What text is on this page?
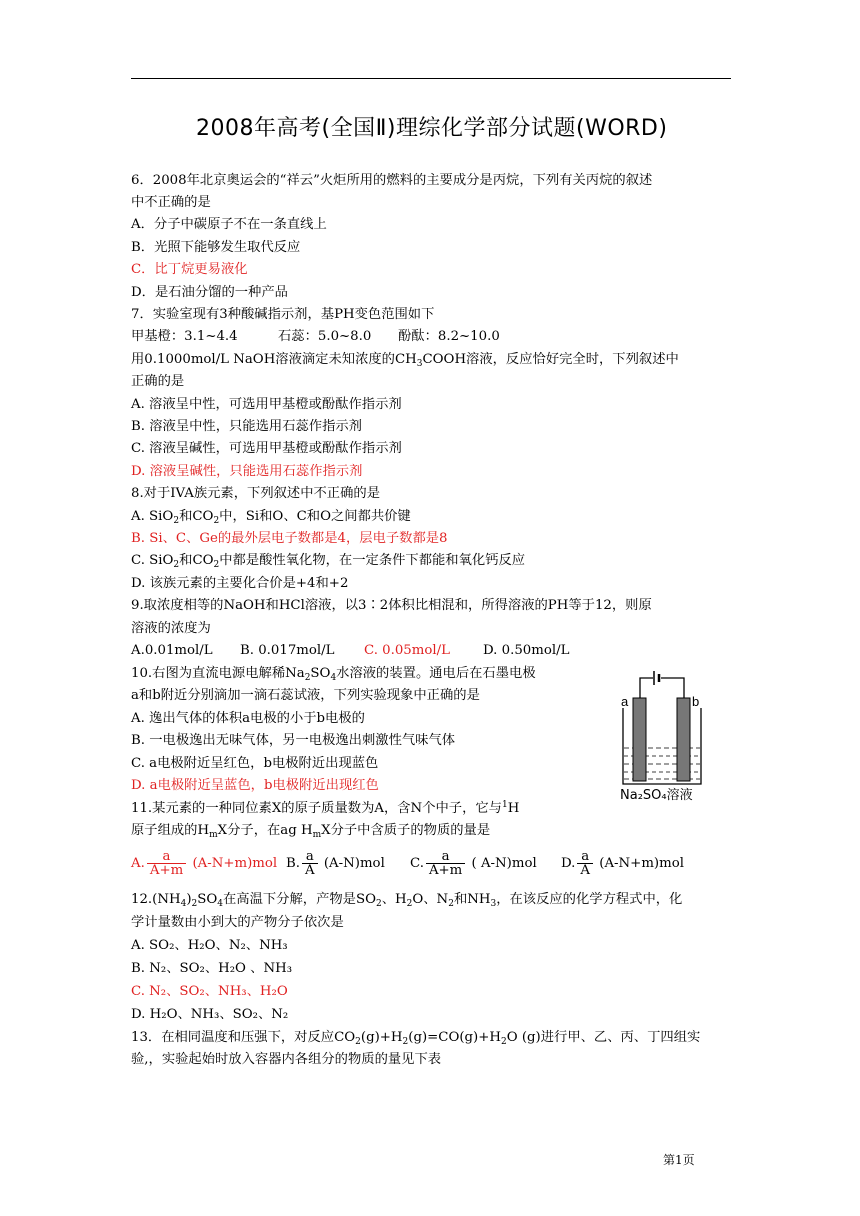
2008年高考(全国Ⅱ)理综化学部分试题(WORD)
6．2008年北京奥运会的“祥云”火炬所用的燃料的主要成分是丙烷，下列有关丙烷的叙述
中不正确的是
A．分子中碳原子不在一条直线上
B．光照下能够发生取代反应
C．比丁烷更易液化
D．是石油分馏的一种产品
7．实验室现有3种酸碱指示剂，基PH变色范围如下
甲基橙：3.1~4.4	石蕊：5.0~8.0 酚酞：8.2~10.0
用0.1000mol/L NaOH溶液滴定未知浓度的$CH_3COOH$溶液，反应恰好完全时，下列叙述中
正确的是
A. 溶液呈中性，可选用甲基橙或酚酞作指示剂
B. 溶液呈中性，只能选用石蕊作指示剂
C. 溶液呈碱性，可选用甲基橙或酚酞作指示剂
D. 溶液呈碱性，只能选用石蕊作指示剂
8.对于IVA族元素，下列叙述中不正确的是
A. SiO$_2$和$CO_2$中，Si和O、C和O之间都共价键
B. Si、C、Ge的最外层电子数都是4，层电子数都是8
C. SiO$_2$和$CO_2$中都是酸性氧化物，在一定条件下都能和氧化钙反应
D. 该族元素的主要化合价是+4和+2
9.取浓度相等的NaOH和HCl溶液，以3∶2体积比相混和，所得溶液的PH等于12，则原
溶液的浓度为
A.0.01mol/L B. 0.017mol/L C. 0.05mol/L D. 0.50mol/L
10.右图为直流电源电解稀$Na_2SO_4$水溶液的装置。通电后在石墨电极
a和b附近分别滴加一滴石蕊试液，下列实验现象中正确的是
A. 逸出气体的体积a电极的小于b电极的
B. 一电极逸出无味气体，另一电极逸出刺激性气味气体
C. a电极附近呈红色，b电极附近出现蓝色
D. a电极附近呈蓝色，b电极附近出现红色
a	b
Na₂SO₄溶液
11.某元素的一种同位素X的原子质量数为A，含N个中子，它与$^1$H
原子组成的$H_mX$分子，在ag $H_mX$分子中含质子的物质的量是
A. $\frac{a}{A+m} (A-N+m)mol$ B. $\frac{a}{A} (A-N)mol$ C. $\frac{a}{A+m}$ ( A-N)mol D. $\frac{a}{A} (A-N+m)mol$
$12.(NH_4)_2SO_4$在高温下分解，产物是$SO_2$、$H_2O$、$N_2$和$NH_3$，在该反应的化学方程式中，化
学计量数由小到大的产物分子依次是
A. SO₂、H₂O、N₂、NH₃
B. N₂、SO₂、H₂O 、NH₃
C. N₂、SO₂、NH₃、H₂O
D. H₂O、NH₃、SO₂、N₂
13．在相同温度和压强下，对反应$CO_2(g)+H_2(g)=CO(g)+H_2O$ (g)进行甲、乙、丙、丁四组实
验,，实验起始时放入容器内各组分的物质的量见下表
第1页
